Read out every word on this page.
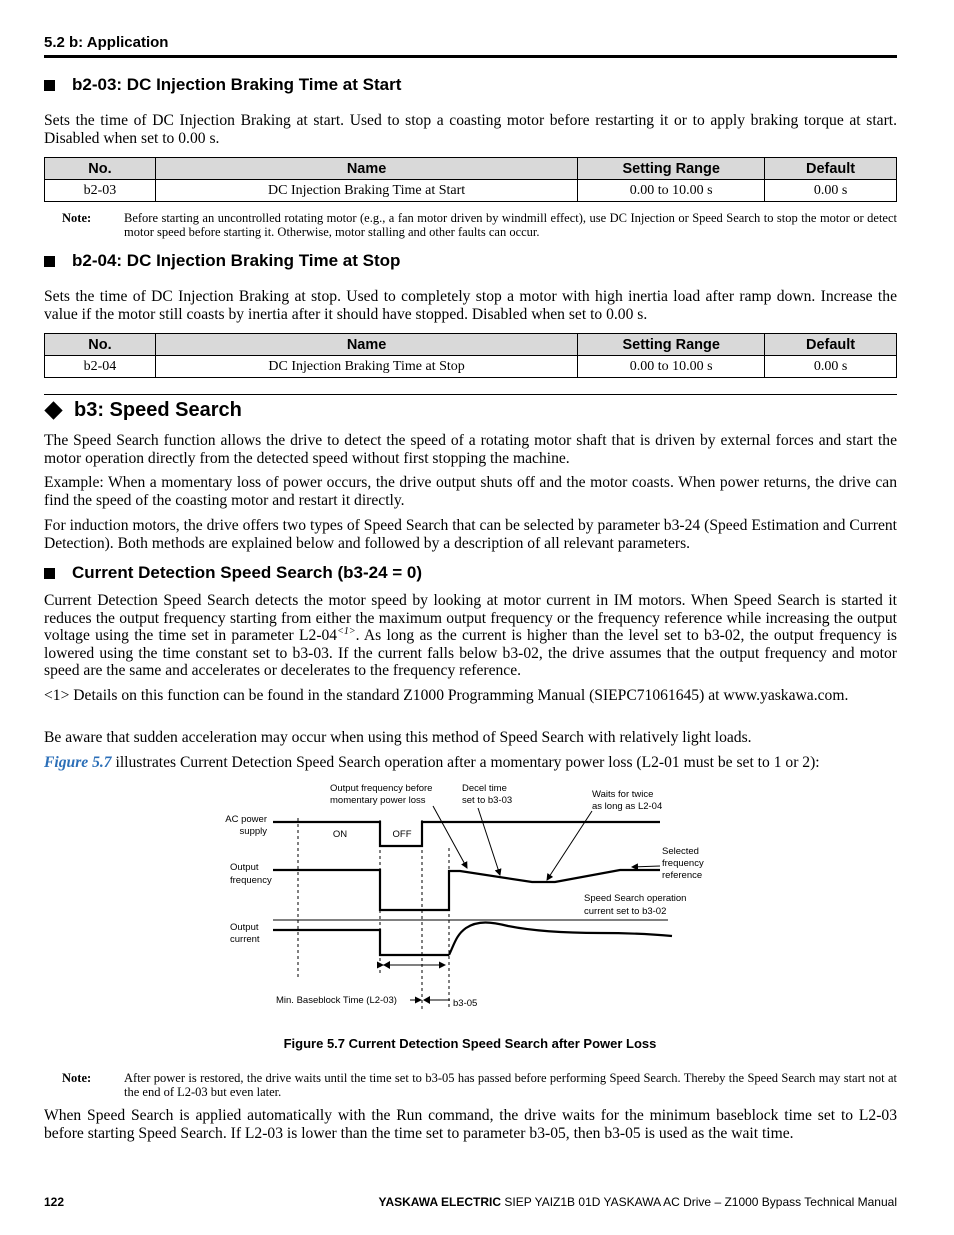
5.2 b: Application
b2-03: DC Injection Braking Time at Start
Sets the time of DC Injection Braking at start. Used to stop a coasting motor before restarting it or to apply braking torque at start. Disabled when set to 0.00 s.
No.	Name	Setting Range	Default
b2-03	DC Injection Braking Time at Start	0.00 to 10.00 s	0.00 s
Note:	Before starting an uncontrolled rotating motor (e.g., a fan motor driven by windmill effect), use DC Injection or Speed Search to stop the motor or detect motor speed before starting it. Otherwise, motor stalling and other faults can occur.
b2-04: DC Injection Braking Time at Stop
Sets the time of DC Injection Braking at stop. Used to completely stop a motor with high inertia load after ramp down. Increase the value if the motor still coasts by inertia after it should have stopped. Disabled when set to 0.00 s.
No.	Name	Setting Range	Default
b2-04	DC Injection Braking Time at Stop	0.00 to 10.00 s	0.00 s
b3: Speed Search
The Speed Search function allows the drive to detect the speed of a rotating motor shaft that is driven by external forces and start the motor operation directly from the detected speed without first stopping the machine.
Example: When a momentary loss of power occurs, the drive output shuts off and the motor coasts. When power returns, the drive can find the speed of the coasting motor and restart it directly.
For induction motors, the drive offers two types of Speed Search that can be selected by parameter b3-24 (Speed Estimation and Current Detection). Both methods are explained below and followed by a description of all relevant parameters.
Current Detection Speed Search (b3-24 = 0)
Current Detection Speed Search detects the motor speed by looking at motor current in IM motors. When Speed Search is started it reduces the output frequency starting from either the maximum output frequency or the frequency reference while increasing the output voltage using the time set in parameter $L2-04^{<1>}$. As long as the current is higher than the level set to b3-02, the output frequency is lowered using the time constant set to b3-03. If the current falls below b3-02, the drive assumes that the output frequency and motor speed are the same and accelerates or decelerates to the frequency reference.
<1> Details on this function can be found in the standard Z1000 Programming Manual (SIEPC71061645) at www.yaskawa.com.
Be aware that sudden acceleration may occur when using this method of Speed Search with relatively light loads.
Figure 5.7 illustrates Current Detection Speed Search operation after a momentary power loss (L2-01 must be set to 1 or 2):
AC power
supply
Output
frequency
Output
current
ON	OFF
Min. Baseblock Time (L2-03)	b3-05
Output frequency before
momentary power loss
Decel time
set to b3-03
Waits for twice
as long as L2-04
Selected
frequency
reference
Speed Search operation
current set to b3-02
Figure 5.7 Current Detection Speed Search after Power Loss
Note:	After power is restored, the drive waits until the time set to b3-05 has passed before performing Speed Search. Thereby the Speed Search may start not at the end of L2-03 but even later.
When Speed Search is applied automatically with the Run command, the drive waits for the minimum baseblock time set to L2-03 before starting Speed Search. If L2-03 is lower than the time set to parameter b3-05, then b3-05 is used as the wait time.
122	YASKAWA ELECTRIC SIEP YAIZ1B 01D YASKAWA AC Drive – Z1000 Bypass Technical Manual
